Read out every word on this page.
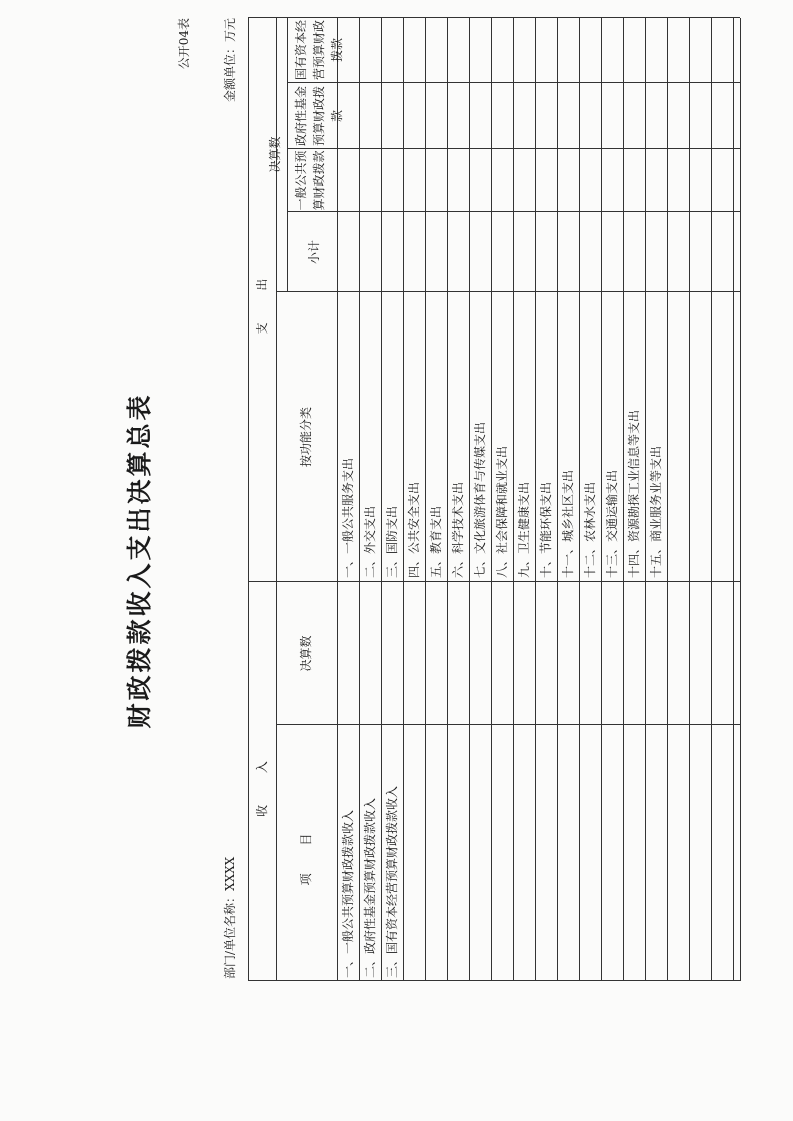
财政拨款收入支出决算总表
公开04表
部门/单位名称：XXXX
金额单位：万元
收 入
支 出
项 目
决算数
按功能分类
决算数
小计
一般公共预算财政拨款
政府性基金预算财政拨款
国有资本经营预算财政拨款
一、一般公共预算财政拨款收入 二、政府性基金预算财政拨款收入 三、国有资本经营预算财政拨款收入
一、一般公共服务支出 二、外交支出 三、国防支出 四、公共安全支出 五、教育支出 六、科学技术支出 七、文化旅游体育与传媒支出 八、社会保障和就业支出 九、卫生健康支出 十、节能环保支出 十一、城乡社区支出 十二、农林水支出 十三、交通运输支出 十四、资源勘探工业信息等支出 十五、商业服务业等支出
